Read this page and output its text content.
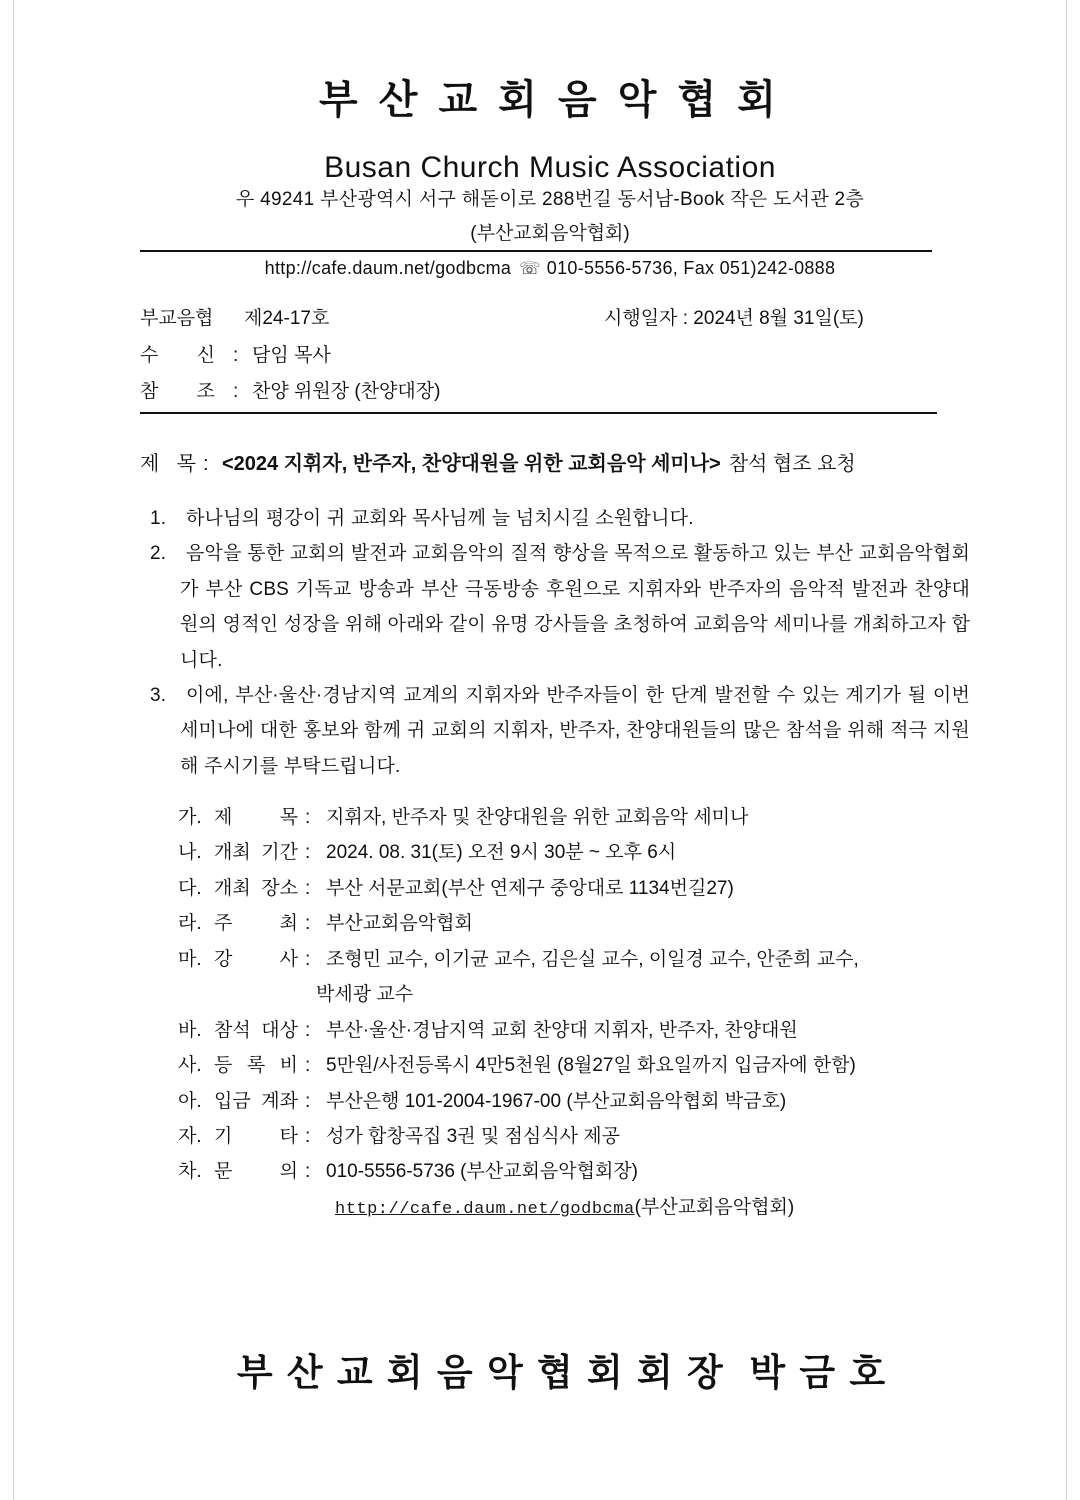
부 산 교 회 음 악 협 회
Busan Church Music Association
우 49241 부산광역시 서구 해돋이로 288번길 동서남-Book 작은 도서관 2층
(부산교회음악협회)
http://cafe.daum.net/godbcma☏ 010-5556-5736, Fax 051)242-0888
부교음협 제24-17호	시행일자 : 2024년 8월 31일(토)
수 신 : 담임 목사
참 조 : 찬양 위원장 (찬양대장)
제 목 : <2024 지휘자, 반주자, 찬양대원을 위한 교회음악 세미나> 참석 협조 요청
1. 하나님의 평강이 귀 교회와 목사님께 늘 넘치시길 소원합니다.
2. 음악을 통한 교회의 발전과 교회음악의 질적 향상을 목적으로 활동하고 있는 부산 교회음악협회가 부산 CBS 기독교 방송과 부산 극동방송 후원으로 지휘자와 반주자의 음악적 발전과 찬양대원의 영적인 성장을 위해 아래와 같이 유명 강사들을 초청하여 교회음악 세미나를 개최하고자 합니다.
3. 이에, 부산·울산·경남지역 교계의 지휘자와 반주자들이 한 단계 발전할 수 있는 계기가 될 이번 세미나에 대한 홍보와 함께 귀 교회의 지휘자, 반주자, 찬양대원들의 많은 참석을 위해 적극 지원해 주시기를 부탁드립니다.
가. 제 목 : 지휘자, 반주자 및 찬양대원을 위한 교회음악 세미나
나. 개최 기간 : 2024. 08. 31(토) 오전 9시 30분 ~ 오후 6시
다. 개최 장소 : 부산 서문교회(부산 연제구 중앙대로 1134번길27)
라. 주 최 : 부산교회음악협회
마. 강 사 : 조형민 교수, 이기균 교수, 김은실 교수, 이일경 교수, 안준희 교수,
박세광 교수
바. 참석 대상 : 부산·울산·경남지역 교회 찬양대 지휘자, 반주자, 찬양대원
사. 등 록 비 : 5만원/사전등록시 4만5천원 (8월27일 화요일까지 입금자에 한함)
아. 입금 계좌 : 부산은행 101-2004-1967-00 (부산교회음악협회 박금호)
자. 기 타 : 성가 합창곡집 3권 및 점심식사 제공
차. 문 의 : 010-5556-5736 (부산교회음악협회장)
http://cafe.daum.net/godbcma(부산교회음악협회)
부 산 교 회 음 악 협 회 회 장  박 금 호
